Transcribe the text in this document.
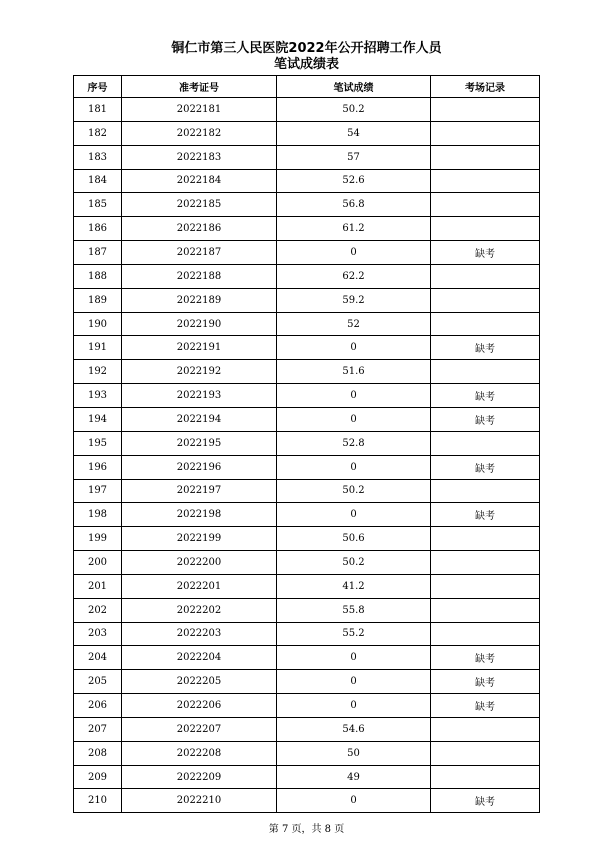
铜仁市第三人民医院2022年公开招聘工作人员
笔试成绩表
序号	准考证号	笔试成绩	考场记录
181	2022181	50.2	
182	2022182	54	
183	2022183	57	
184	2022184	52.6	
185	2022185	56.8	
186	2022186	61.2	
187	2022187	0	缺考
188	2022188	62.2	
189	2022189	59.2	
190	2022190	52	
191	2022191	0	缺考
192	2022192	51.6	
193	2022193	0	缺考
194	2022194	0	缺考
195	2022195	52.8	
196	2022196	0	缺考
197	2022197	50.2	
198	2022198	0	缺考
199	2022199	50.6	
200	2022200	50.2	
201	2022201	41.2	
202	2022202	55.8	
203	2022203	55.2	
204	2022204	0	缺考
205	2022205	0	缺考
206	2022206	0	缺考
207	2022207	54.6	
208	2022208	50	
209	2022209	49	
210	2022210	0	缺考
第 7 页，共 8 页
